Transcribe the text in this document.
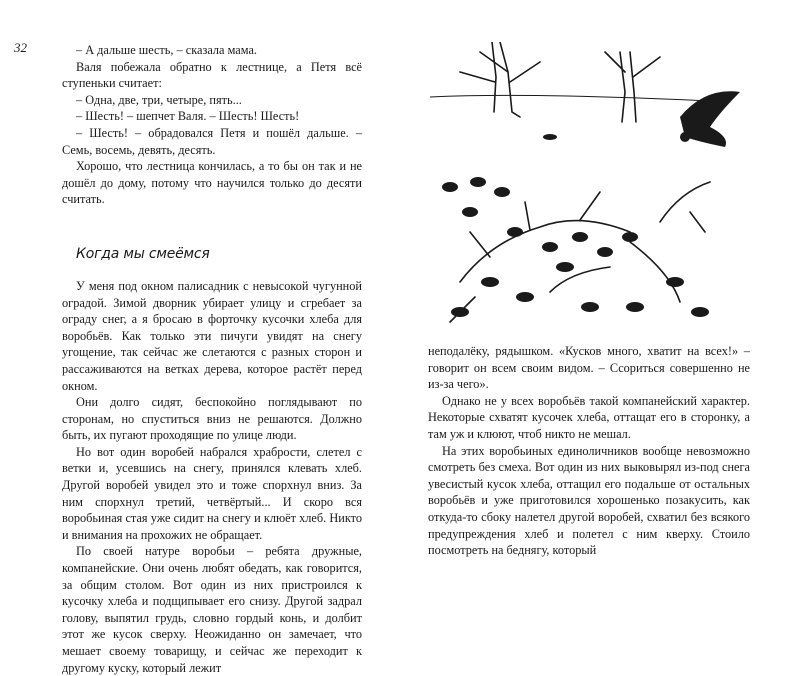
32	– А дальше шесть, – сказала мама.

Валя побежала обратно к лестнице, а Петя всё ступеньки считает:

– Одна, две, три, четыре, пять...

– Шесть! – шепчет Валя. – Шесть! Шесть!

– Шесть! – обрадовался Петя и пошёл дальше. – Семь, восемь, девять, десять.

Хорошо, что лестница кончилась, а то бы он так и не дошёл до дому, потому что научился только до десяти считать.

Когда мы смеёмся

У меня под окном палисадник с невысокой чугунной оградой. Зимой дворник убирает улицу и сгребает за ограду снег, а я бросаю в форточку кусочки хлеба для воробьёв. Как только эти пичуги увидят на снегу угощение, так сейчас же слетаются с разных сторон и рассаживаются на ветках дерева, которое растёт перед окном.

Они долго сидят, беспокойно поглядывают по сторонам, но спуститься вниз не решаются. Должно быть, их пугают проходящие по улице люди.

Но вот один воробей набрался храбрости, слетел с ветки и, усевшись на снегу, принялся клевать хлеб. Другой воробей увидел это и тоже спорхнул вниз. За ним спорхнул третий, четвёртый... И скоро вся воробьиная стая уже сидит на снегу и клюёт хлеб. Никто и внимания на прохожих не обращает.

По своей натуре воробьи – ребята дружные, компанейские. Они очень любят обедать, как говорится, за общим столом. Вот один из них пристроился к кусочку хлеба и подщипывает его снизу. Другой задрал голову, выпятил грудь, словно гордый конь, и долбит этот же кусок сверху. Неожиданно он замечает, что мешает своему товарищу, и сейчас же переходит к другому куску, который лежит

неподалёку, рядышком. «Кусков много, хватит на всех!» – говорит он всем своим видом. – Ссориться совершенно не из-за чего».

Однако не у всех воробьёв такой компанейский характер. Некоторые схватят кусочек хлеба, оттащат его в сторонку, а там уж и клюют, чтоб никто не мешал.

На этих воробьиных единоличников вообще невозможно смотреть без смеха. Вот один из них выковырял из-под снега увесистый кусок хлеба, оттащил его подальше от остальных воробьёв и уже приготовился хорошенько позакусить, как откуда-то сбоку налетел другой воробей, схватил без всякого предупреждения хлеб и полетел с ним кверху. Стоило посмотреть на беднягу, который
